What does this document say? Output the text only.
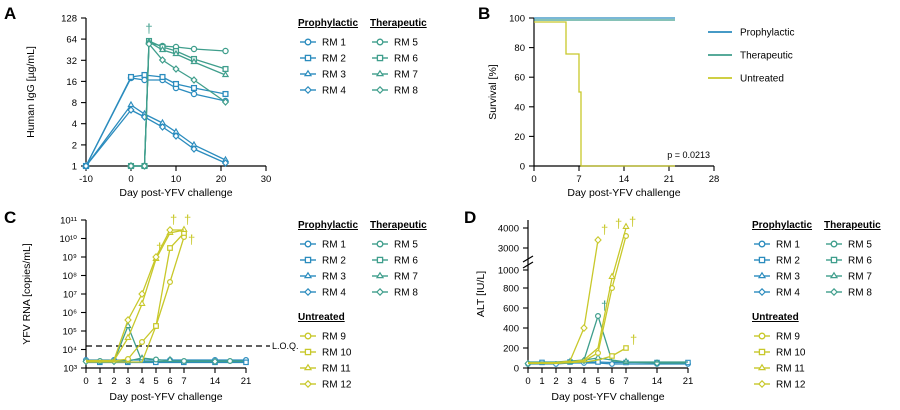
A
1
2
4
8
16
32
64
128
-10	0	10	20	30
Day post-YFV challenge
Human IgG [µg/mL]
†	Prophylactic Therapeutic
RM 1
RM 2
RM 3
RM 4
RM 5
RM 6
RM 7
RM 8
B
0
20
40
60
80
100
0	7	14	21	28
Day post-YFV challenge
Survival [%]
p = 0.0213
Prophylactic
Therapeutic
Untreated
C
10³
10⁴
10⁵
10⁶
10⁷
10⁸
10⁹
10¹⁰
10¹¹
0 1 2 3 4 5 6 7 14 21
Day post-YFV challenge
YFV RNA [copies/mL]
L.O.Q.
†
† †
†
Prophylactic Therapeutic
RM 1
RM 2
RM 3
RM 4
RM 5
RM 6
RM 7
RM 8
Untreated
RM 9
RM 10
RM 11
RM 12
D
0
200
400
600
800
1000
3000
4000
0 1 2 3 4 5 6 7 14 21
Day post-YFV challenge
ALT [IU/L]	†
†
†
† †	Prophylactic Therapeutic
RM 1
RM 2
RM 3
RM 4
RM 5
RM 6
RM 7
RM 8
Untreated
RM 9
RM 10
RM 11
RM 12
